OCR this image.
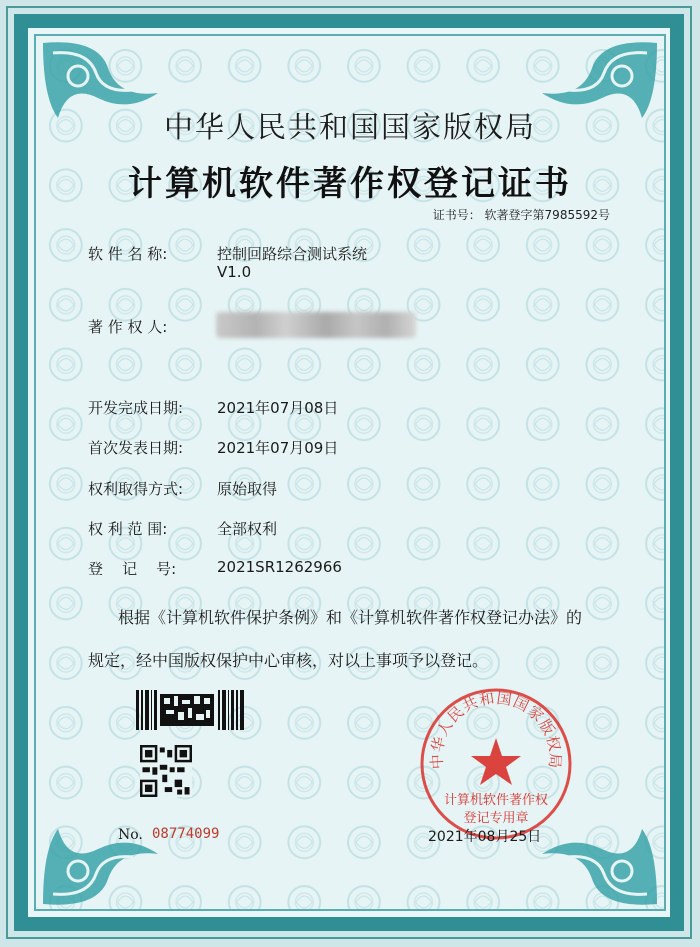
中华人民共和国国家版权局
计算机软件著作权登记证书
证书号： 软著登字第7985592号
软 件 名 称:	控制回路综合测试系统
V1.0
著 作 权 人:
开发完成日期: 2021年07月08日
首次发表日期: 2021年07月09日
权利取得方式: 原始取得
权 利 范 围:	全部权利
登    记    号:	2021SR1262966
根据《计算机软件保护条例》和《计算机软件著作权登记办法》的
规定，经中国版权保护中心审核，对以上事项予以登记。
No. 08774099
中华人民共和国国家版权局
计算机软件著作权
登记专用章
2021年08月25日
